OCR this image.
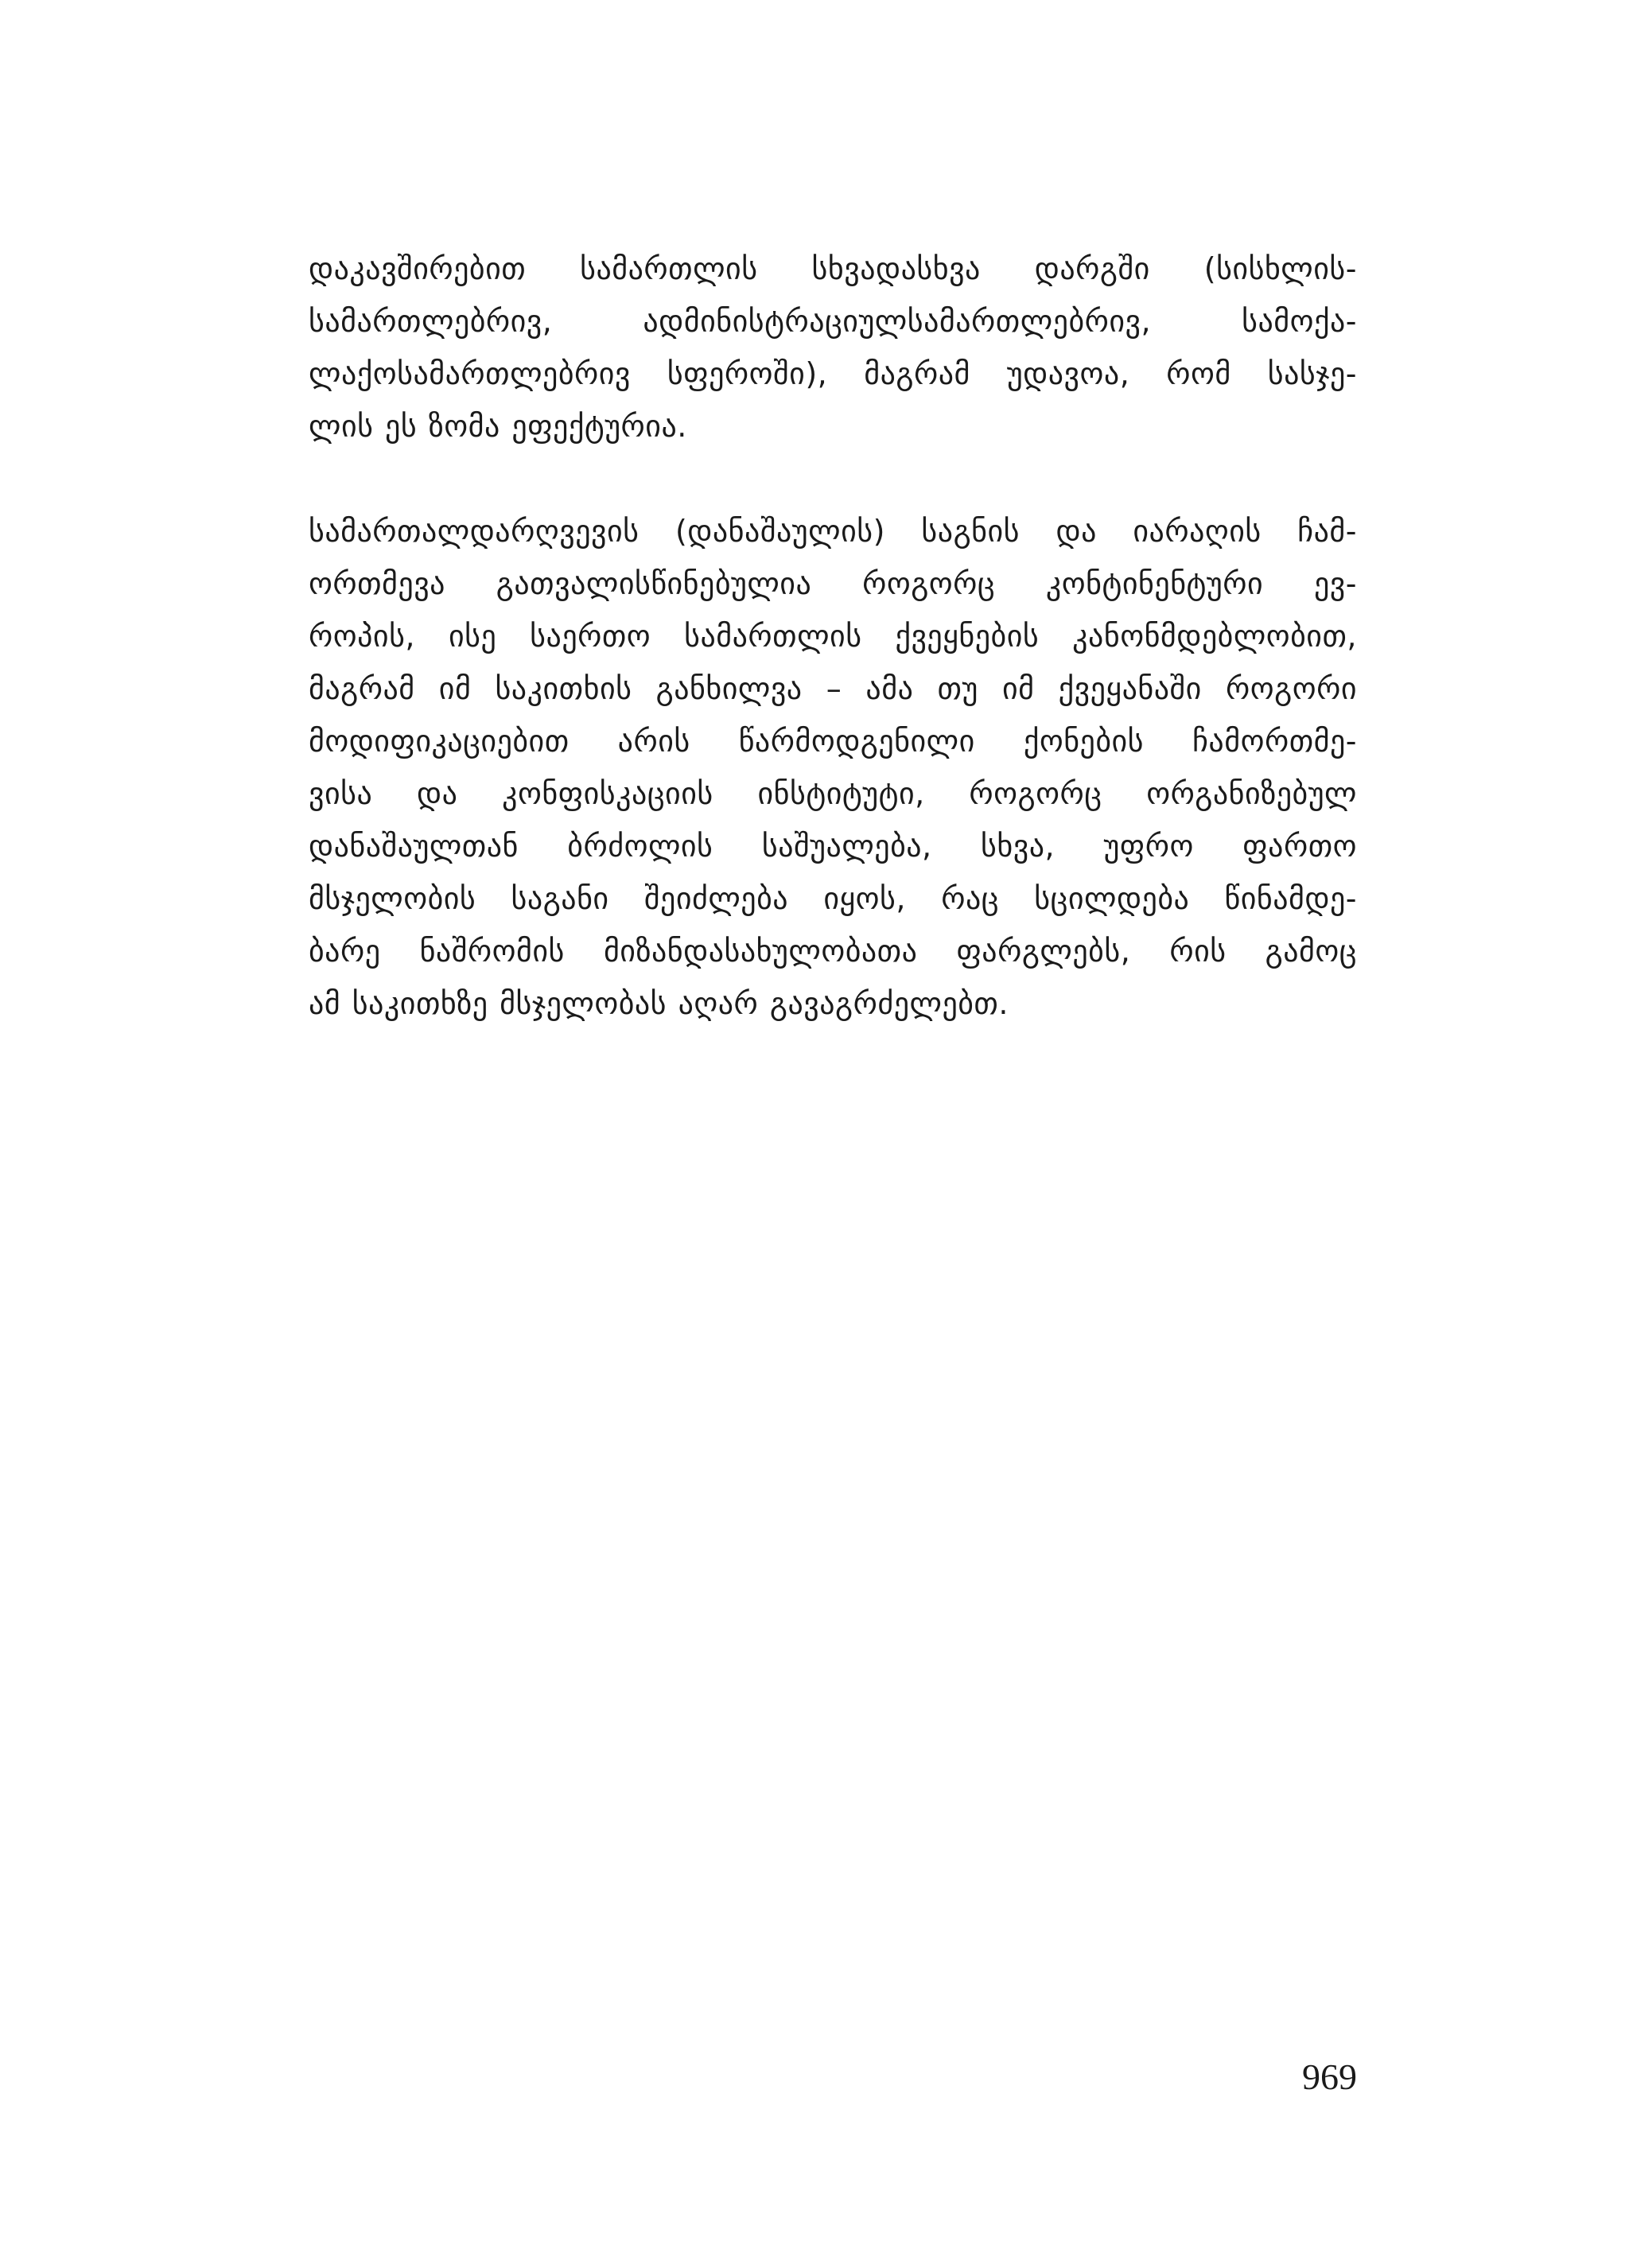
დაკავშირებით სამართლის სხვადასხვა დარგში (სისხლის-
სამართლებრივ, ადმინისტრაციულსამართლებრივ, სამოქა-
ლაქოსამართლებრივ სფეროში), მაგრამ უდავოა, რომ სასჯე-
ლის ეს ზომა ეფექტურია.

სამართალდარღვევის (დანაშაულის) საგნის და იარაღის ჩამ-
ორთმევა გათვალისწინებულია როგორც კონტინენტური ევ-
როპის, ისე საერთო სამართლის ქვეყნების კანონმდებლობით,
მაგრამ იმ საკითხის განხილვა – ამა თუ იმ ქვეყანაში როგორი
მოდიფიკაციებით არის წარმოდგენილი ქონების ჩამორთმე-
ვისა და კონფისკაციის ინსტიტუტი, როგორც ორგანიზებულ
დანაშაულთან ბრძოლის საშუალება, სხვა, უფრო ფართო
მსჯელობის საგანი შეიძლება იყოს, რაც სცილდება წინამდე-
ბარე ნაშრომის მიზანდასახულობათა ფარგლებს, რის გამოც
ამ საკითხზე მსჯელობას აღარ გავაგრძელებთ.

969
